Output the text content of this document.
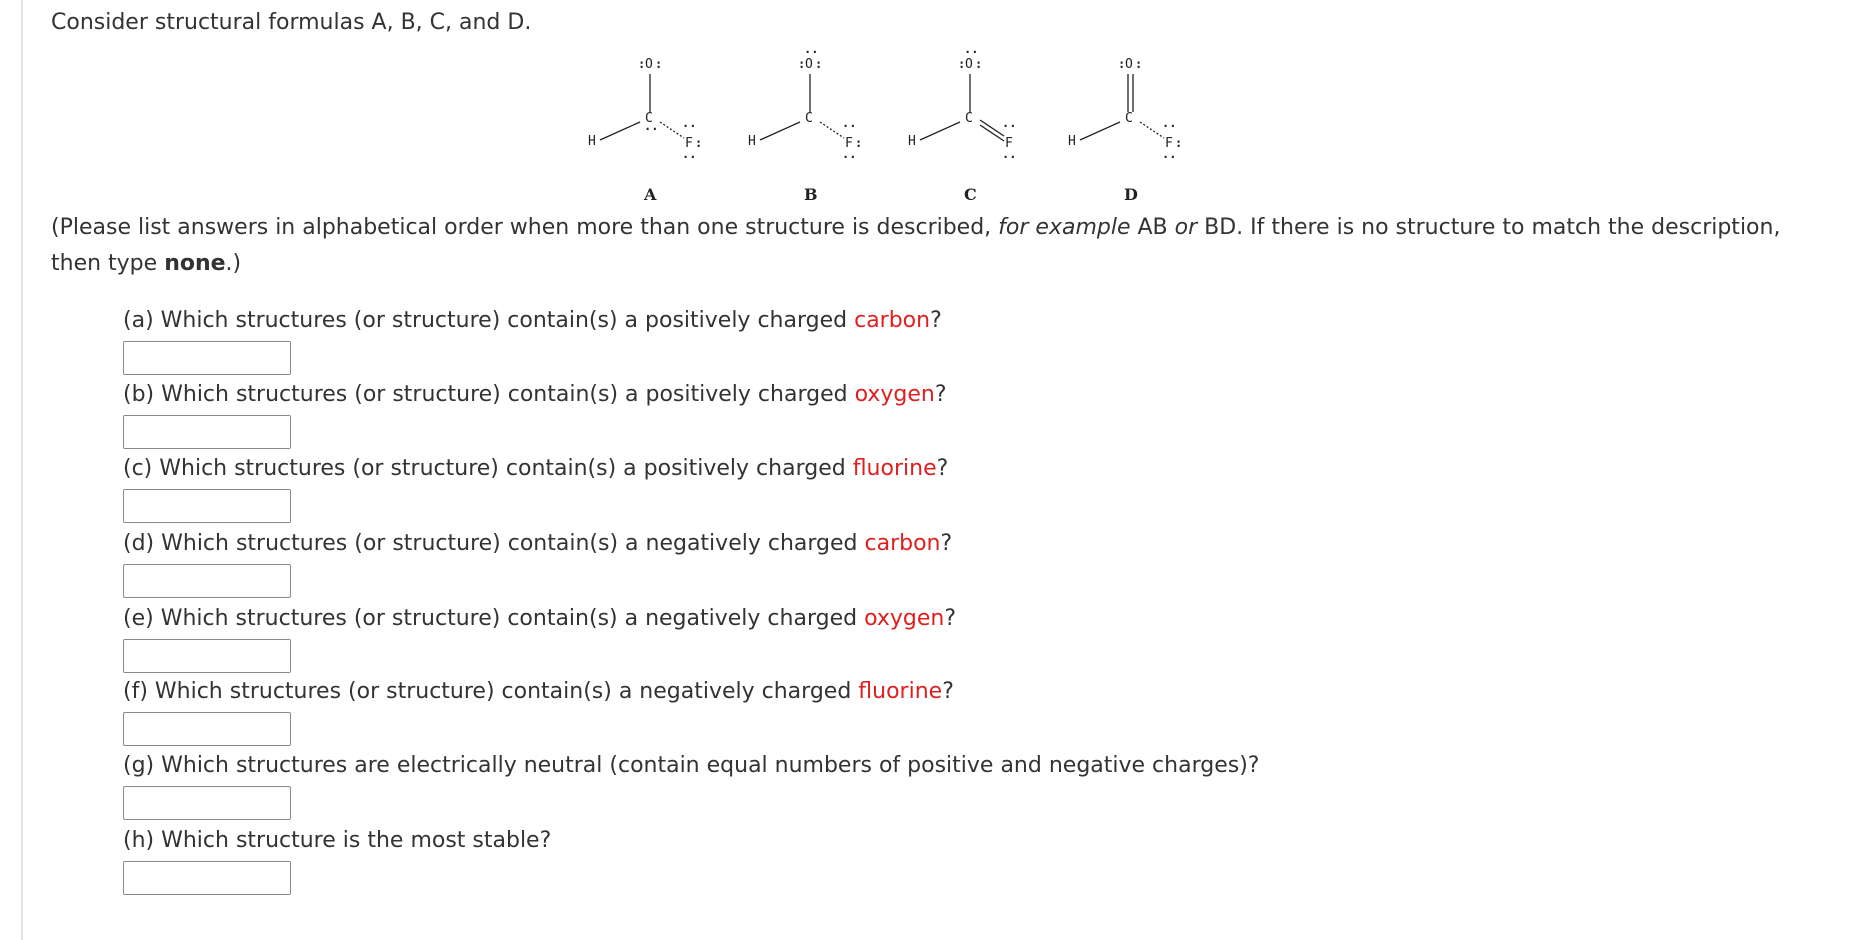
Consider structural formulas A, B, C, and D.

: O :
C
··
H
··
F :
··
A
··
: O :
C
H
··
F :
··
B
··
: O :
C
H
··
F
··
C
: O :
C
H
··
F :
··
D

(Please list answers in alphabetical order when more than one structure is described, for example AB or BD. If there is no structure to match the description, then type none.)

(a) Which structures (or structure) contain(s) a positively charged carbon?
(b) Which structures (or structure) contain(s) a positively charged oxygen?
(c) Which structures (or structure) contain(s) a positively charged fluorine?
(d) Which structures (or structure) contain(s) a negatively charged carbon?
(e) Which structures (or structure) contain(s) a negatively charged oxygen?
(f) Which structures (or structure) contain(s) a negatively charged fluorine?
(g) Which structures are electrically neutral (contain equal numbers of positive and negative charges)?
(h) Which structure is the most stable?
